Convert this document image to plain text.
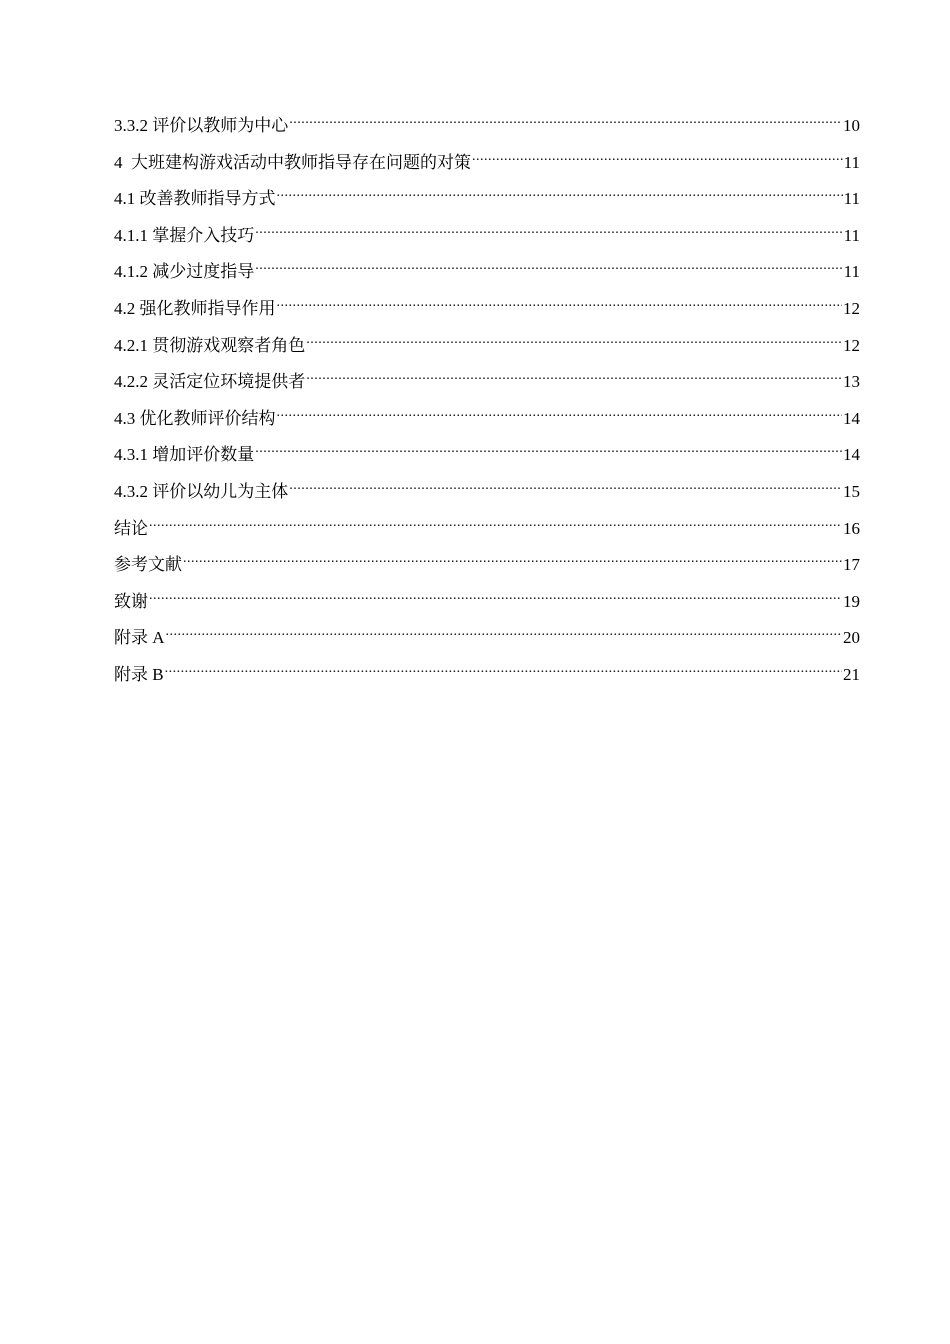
3.3.2 评价以教师为中心 .....	10
4  大班建构游戏活动中教师指导存在问题的对策 .....	11
4.1 改善教师指导方式 .....	11
4.1.1 掌握介入技巧 .....	11
4.1.2 减少过度指导 .....	11
4.2 强化教师指导作用 .....	12
4.2.1 贯彻游戏观察者角色 .....	12
4.2.2 灵活定位环境提供者 .....	13
4.3 优化教师评价结构 .....	14
4.3.1 增加评价数量 .....	14
4.3.2 评价以幼儿为主体 .....	15
结论 .....	16
参考文献 .....	17
致谢 .....	19
附录 A .....	20
附录 B .....	21
